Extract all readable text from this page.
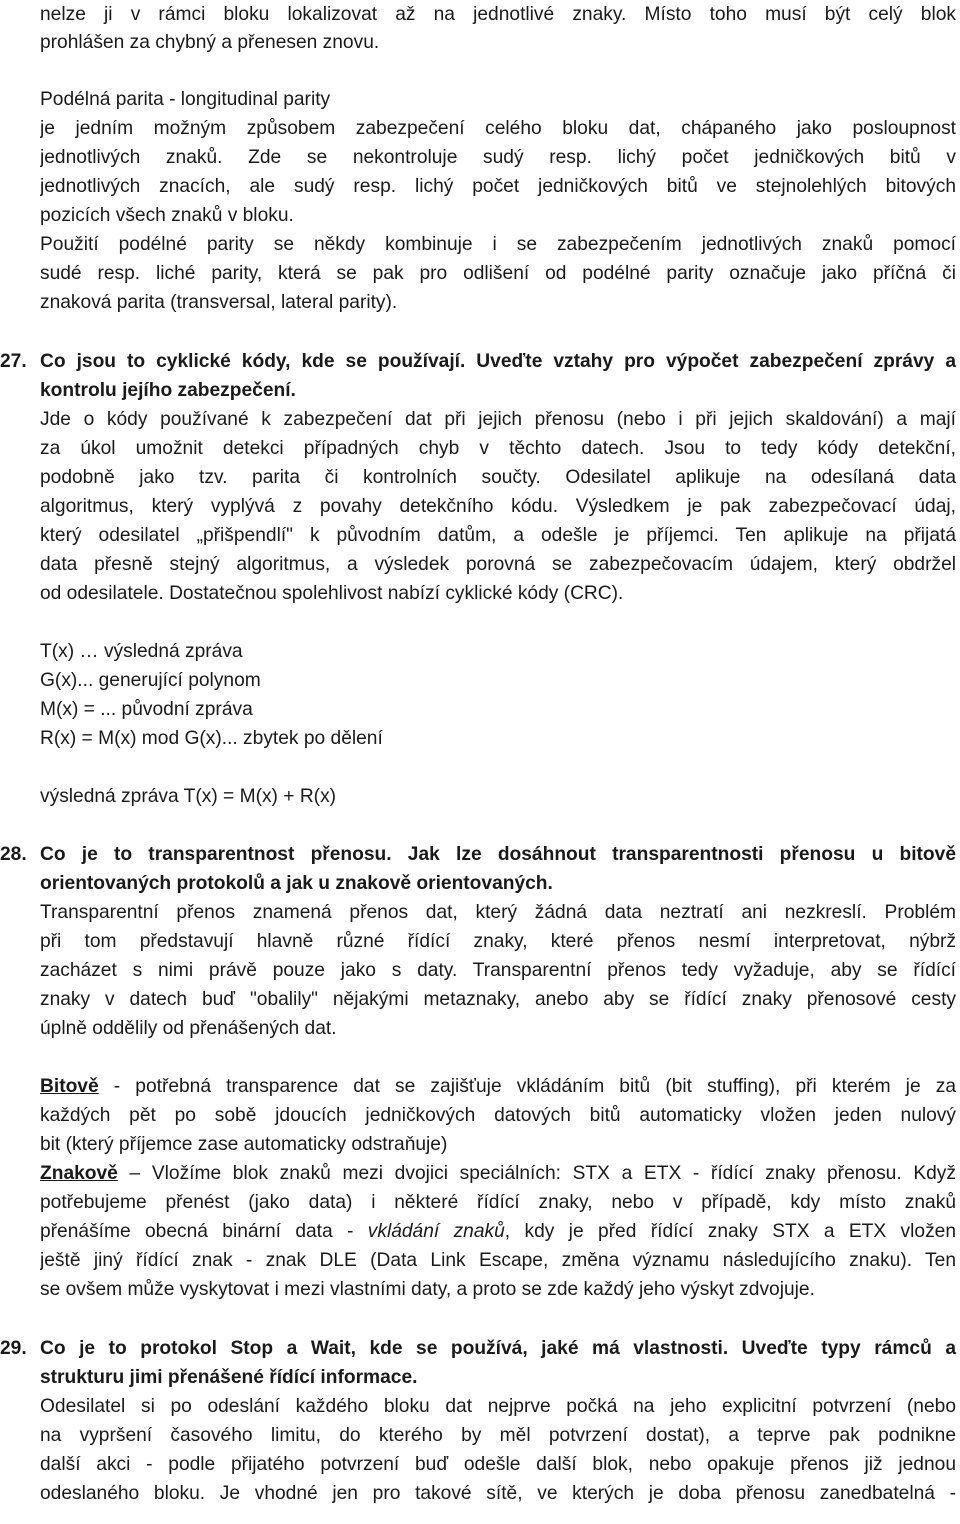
nelze ji v rámci bloku lokalizovat až na jednotlivé znaky. Místo toho musí být celý blok
prohlášen za chybný a přenesen znovu.
Podélná parita - longitudinal parity
je jedním možným způsobem zabezpečení celého bloku dat, chápaného jako posloupnost
jednotlivých znaků. Zde se nekontroluje sudý resp. lichý počet jedničkových bitů v
jednotlivých znacích, ale sudý resp. lichý počet jedničkových bitů ve stejnolehlých bitových
pozicích všech znaků v bloku.
Použití podélné parity se někdy kombinuje i se zabezpečením jednotlivých znaků pomocí
sudé resp. liché parity, která se pak pro odlišení od podélné parity označuje jako příčná či
znaková parita (transversal, lateral parity).
27. Co jsou to cyklické kódy, kde se používají. Uveďte vztahy pro výpočet zabezpečení zprávy a
kontrolu jejího zabezpečení.
Jde o kódy používané k zabezpečení dat při jejich přenosu (nebo i při jejich skaldování) a mají
za úkol umožnit detekci případných chyb v těchto datech. Jsou to tedy kódy detekční,
podobně jako tzv. parita či kontrolních součty. Odesilatel aplikuje na odesílaná data
algoritmus, který vyplývá z povahy detekčního kódu. Výsledkem je pak zabezpečovací údaj,
který odesilatel „přišpendlí" k původním datům, a odešle je příjemci. Ten aplikuje na přijatá
data přesně stejný algoritmus, a výsledek porovná se zabezpečovacím údajem, který obdržel
od odesilatele. Dostatečnou spolehlivost nabízí cyklické kódy (CRC).
T(x) … výsledná zpráva
G(x)... generující polynom
M(x) = ... původní zpráva
R(x) = M(x) mod G(x)... zbytek po dělení
výsledná zpráva T(x) = M(x) + R(x)
28. Co je to transparentnost přenosu. Jak lze dosáhnout transparentnosti přenosu u bitově
orientovaných protokolů a jak u znakově orientovaných.
Transparentní přenos znamená přenos dat, který žádná data neztratí ani nezkreslí. Problém
při tom představují hlavně různé řídící znaky, které přenos nesmí interpretovat, nýbrž
zacházet s nimi právě pouze jako s daty. Transparentní přenos tedy vyžaduje, aby se řídící
znaky v datech buď "obalily" nějakými metaznaky, anebo aby se řídící znaky přenosové cesty
úplně oddělily od přenášených dat.
Bitově - potřebná transparence dat se zajišťuje vkládáním bitů (bit stuffing), při kterém je za
každých pět po sobě jdoucích jedničkových datových bitů automaticky vložen jeden nulový
bit (který příjemce zase automaticky odstraňuje)
Znakově – Vložíme blok znaků mezi dvojici speciálních: STX a ETX - řídící znaky přenosu. Když
potřebujeme přenést (jako data) i některé řídící znaky, nebo v případě, kdy místo znaků
přenášíme obecná binární data - vkládání znaků, kdy je před řídící znaky STX a ETX vložen
ještě jiný řídící znak - znak DLE (Data Link Escape, změna významu následujícího znaku). Ten
se ovšem může vyskytovat i mezi vlastními daty, a proto se zde každý jeho výskyt zdvojuje.
29. Co je to protokol Stop a Wait, kde se používá, jaké má vlastnosti. Uveďte typy rámců a
strukturu jimi přenášené řídící informace.
Odesilatel si po odeslání každého bloku dat nejprve počká na jeho explicitní potvrzení (nebo
na vypršení časového limitu, do kterého by měl potvrzení dostat), a teprve pak podnikne
další akci - podle přijatého potvrzení buď odešle další blok, nebo opakuje přenos již jednou
odeslaného bloku. Je vhodné jen pro takové sítě, ve kterých je doba přenosu zanedbatelná -
